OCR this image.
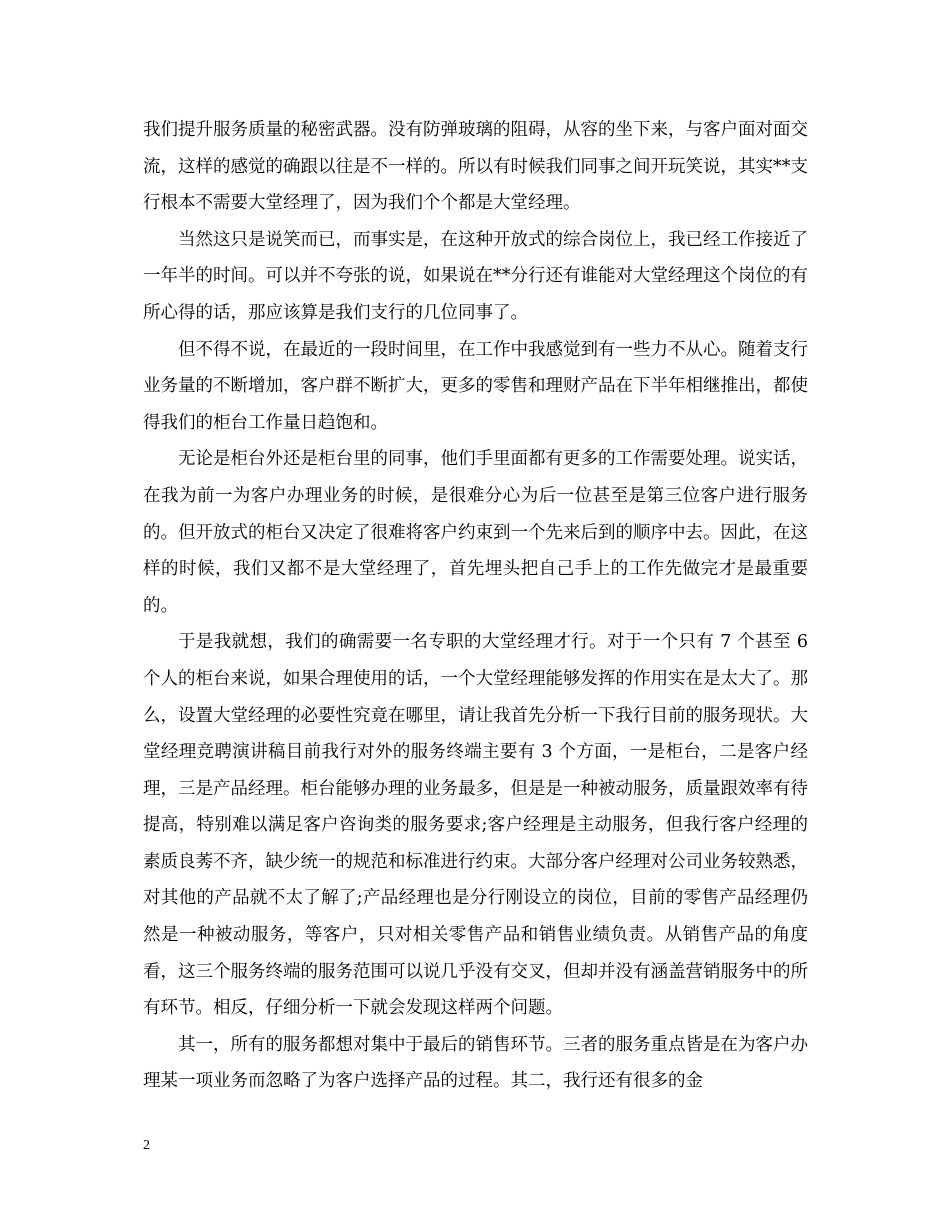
我们提升服务质量的秘密武器。没有防弹玻璃的阻碍，从容的坐下来，与客户面对面交流，这样的感觉的确跟以往是不一样的。所以有时候我们同事之间开玩笑说，其实**支行根本不需要大堂经理了，因为我们个个都是大堂经理。

当然这只是说笑而已，而事实是，在这种开放式的综合岗位上，我已经工作接近了一年半的时间。可以并不夸张的说，如果说在**分行还有谁能对大堂经理这个岗位的有所心得的话，那应该算是我们支行的几位同事了。

但不得不说，在最近的一段时间里，在工作中我感觉到有一些力不从心。随着支行业务量的不断增加，客户群不断扩大，更多的零售和理财产品在下半年相继推出，都使得我们的柜台工作量日趋饱和。

无论是柜台外还是柜台里的同事，他们手里面都有更多的工作需要处理。说实话，在我为前一为客户办理业务的时候，是很难分心为后一位甚至是第三位客户进行服务的。但开放式的柜台又决定了很难将客户约束到一个先来后到的顺序中去。因此，在这样的时候，我们又都不是大堂经理了，首先埋头把自己手上的工作先做完才是最重要的。

于是我就想，我们的确需要一名专职的大堂经理才行。对于一个只有 7 个甚至 6 个人的柜台来说，如果合理使用的话，一个大堂经理能够发挥的作用实在是太大了。那么，设置大堂经理的必要性究竟在哪里，请让我首先分析一下我行目前的服务现状。大堂经理竞聘演讲稿目前我行对外的服务终端主要有 3 个方面，一是柜台，二是客户经理，三是产品经理。柜台能够办理的业务最多，但是是一种被动服务，质量跟效率有待提高，特别难以满足客户咨询类的服务要求;客户经理是主动服务，但我行客户经理的素质良莠不齐，缺少统一的规范和标准进行约束。大部分客户经理对公司业务较熟悉，对其他的产品就不太了解了;产品经理也是分行刚设立的岗位，目前的零售产品经理仍然是一种被动服务，等客户，只对相关零售产品和销售业绩负责。从销售产品的角度看，这三个服务终端的服务范围可以说几乎没有交叉，但却并没有涵盖营销服务中的所有环节。相反，仔细分析一下就会发现这样两个问题。

其一，所有的服务都想对集中于最后的销售环节。三者的服务重点皆是在为客户办理某一项业务而忽略了为客户选择产品的过程。其二，我行还有很多的金

2
